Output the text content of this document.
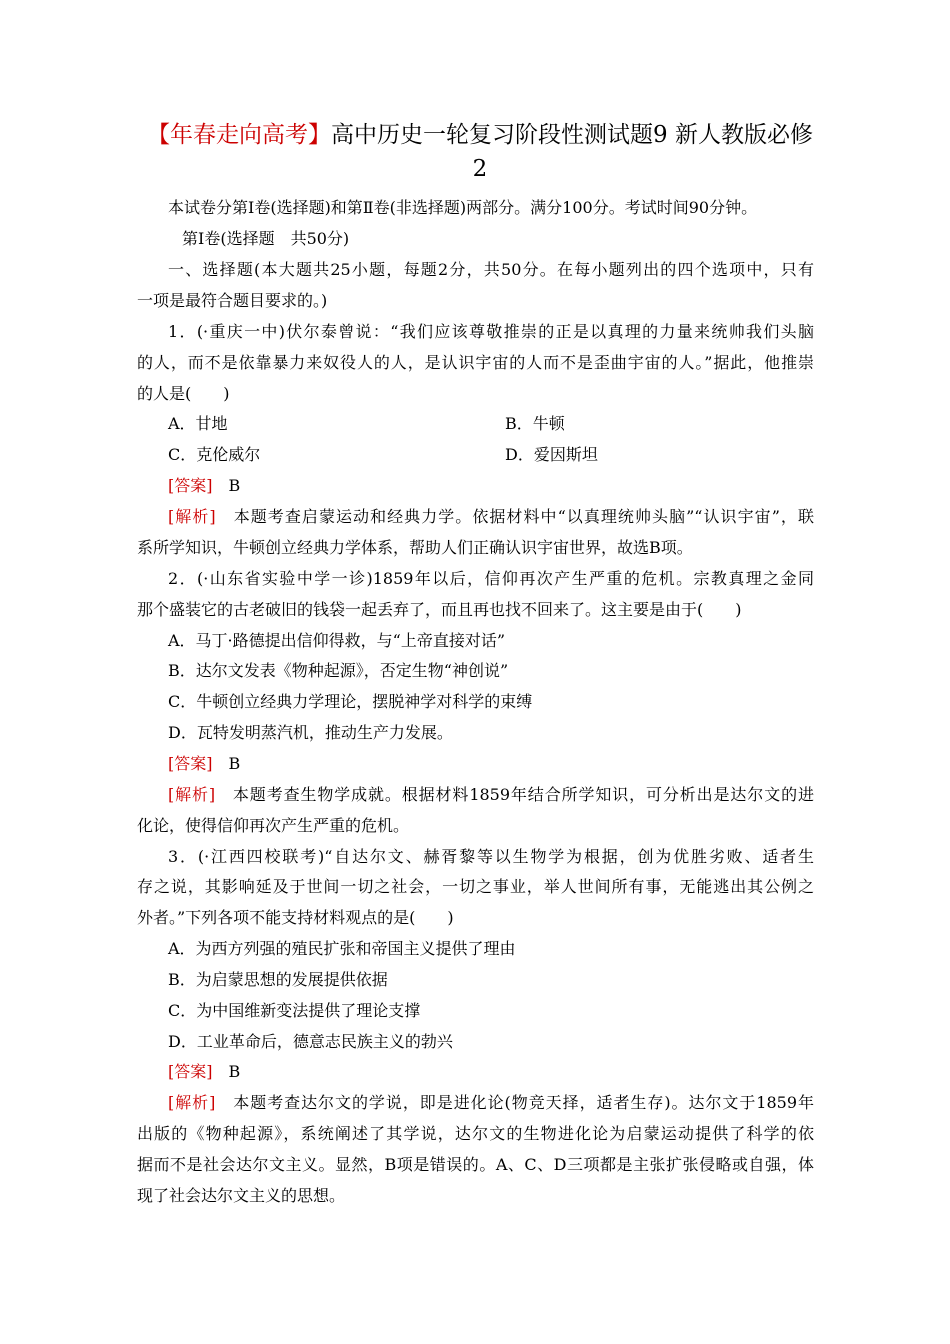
【年春走向高考】高中历史一轮复习阶段性测试题9 新人教版必修2
本试卷分第Ⅰ卷(选择题)和第Ⅱ卷(非选择题)两部分。满分100分。考试时间90分钟。
第Ⅰ卷(选择题　共50分)
一、选择题(本大题共25小题，每题2分，共50分。在每小题列出的四个选项中，只有
一项是最符合题目要求的。)
1．(·重庆一中)伏尔泰曾说：“我们应该尊敬推崇的正是以真理的力量来统帅我们头脑
的人，而不是依靠暴力来奴役人的人，是认识宇宙的人而不是歪曲宇宙的人。”据此，他推崇
的人是(　　)
A．甘地	B．牛顿
C．克伦威尔	D．爱因斯坦
[答案]　 B
[解析]　 本题考查启蒙运动和经典力学。依据材料中“以真理统帅头脑”“认识宇宙”，联
系所学知识，牛顿创立经典力学体系，帮助人们正确认识宇宙世界，故选B项。
2．(·山东省实验中学一诊)1859年以后，信仰再次产生严重的危机。宗教真理之金同
那个盛装它的古老破旧的钱袋一起丢弃了，而且再也找不回来了。这主要是由于(　　)
A．马丁·路德提出信仰得救，与“上帝直接对话”
B．达尔文发表《物种起源》，否定生物“神创说”
C．牛顿创立经典力学理论，摆脱神学对科学的束缚
D．瓦特发明蒸汽机，推动生产力发展。
[答案]　 B
[解析]　 本题考查生物学成就。根据材料1859年结合所学知识，可分析出是达尔文的进
化论，使得信仰再次产生严重的危机。
3．(·江西四校联考)“自达尔文、赫胥黎等以生物学为根据，创为优胜劣败、适者生
存之说，其影响延及于世间一切之社会，一切之事业，举人世间所有事，无能逃出其公例之
外者。”下列各项不能支持材料观点的是(　　)
A．为西方列强的殖民扩张和帝国主义提供了理由
B．为启蒙思想的发展提供依据
C．为中国维新变法提供了理论支撑
D．工业革命后，德意志民族主义的勃兴
[答案]　 B
[解析]　 本题考查达尔文的学说，即是进化论(物竞天择，适者生存)。达尔文于1859年
出版的《物种起源》，系统阐述了其学说，达尔文的生物进化论为启蒙运动提供了科学的依
据而不是社会达尔文主义。显然，B项是错误的。A、C、D三项都是主张扩张侵略或自强，体
现了社会达尔文主义的思想。
